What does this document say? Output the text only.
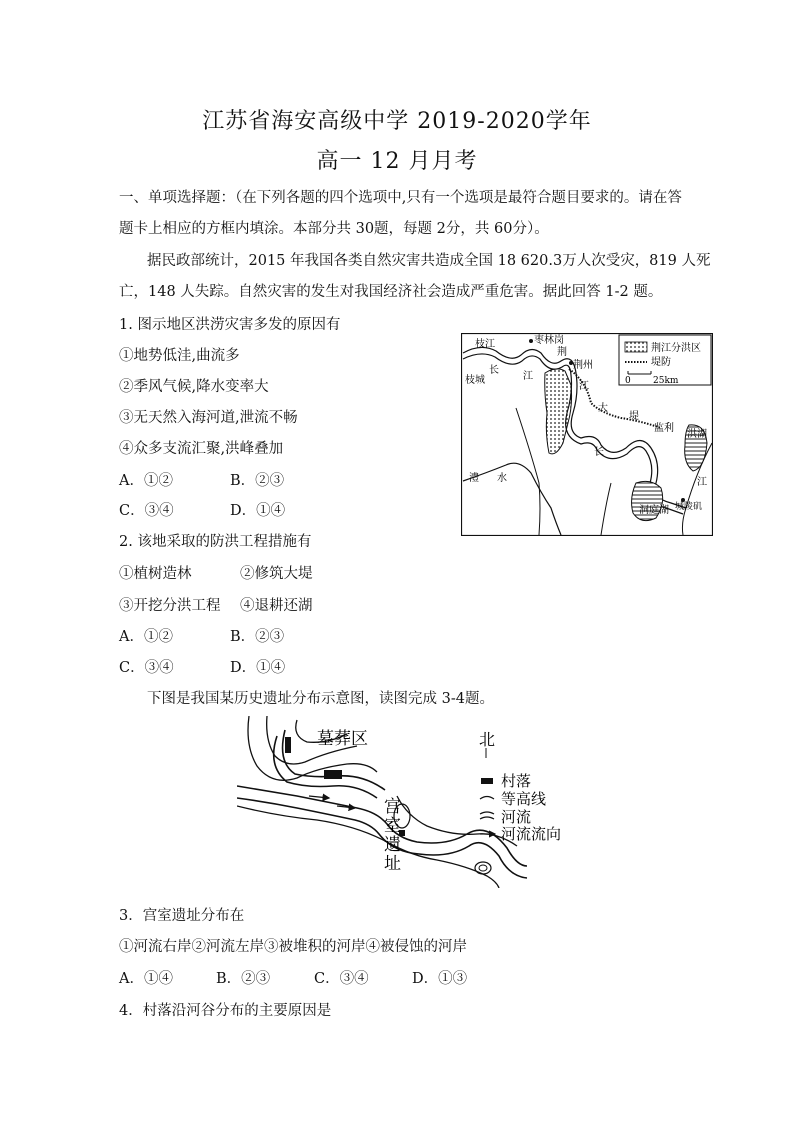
江苏省海安高级中学 2019-2020学年
高一 12 月月考
一、单项选择题：（在下列各题的四个选项中,只有一个选项是最符合题目要求的。请在答
题卡上相应的方框内填涂。本部分共 30题，每题 2分，共 60分）。
据民政部统计，2015 年我国各类自然灾害共造成全国 18 620.3万人次受灾，819 人死
亡，148 人失踪。自然灾害的发生对我国经济社会造成严重危害。据此回答 1-2 题。
1. 图示地区洪涝灾害多发的原因有
①地势低洼,曲流多
②季风气候,降水变率大
③无天然入海河道,泄流不畅
④众多支流汇聚,洪峰叠加
A．①②	B．②③
C．③④	D．①④
荆江分洪区
堤防
0 25km
枝江	枣林岗
荆
荆州
枝城
长
江
江
大
堤
长
监利
洪湖
澧 水	江
洞庭湖 城陵矶
2. 该地采取的防洪工程措施有
①植树造林	②修筑大堤
③开挖分洪工程 ④退耕还湖
A．①②	B．②③
C．③④	D．①④
下图是我国某历史遗址分布示意图，读图完成 3-4题。
墓葬区
宫
室
遗
址
北
村落
等高线
河流
河流流向
3．宫室遗址分布在
①河流右岸②河流左岸③被堆积的河岸④被侵蚀的河岸
A．①④	B．②③	C．③④	D．①③
4．村落沿河谷分布的主要原因是
